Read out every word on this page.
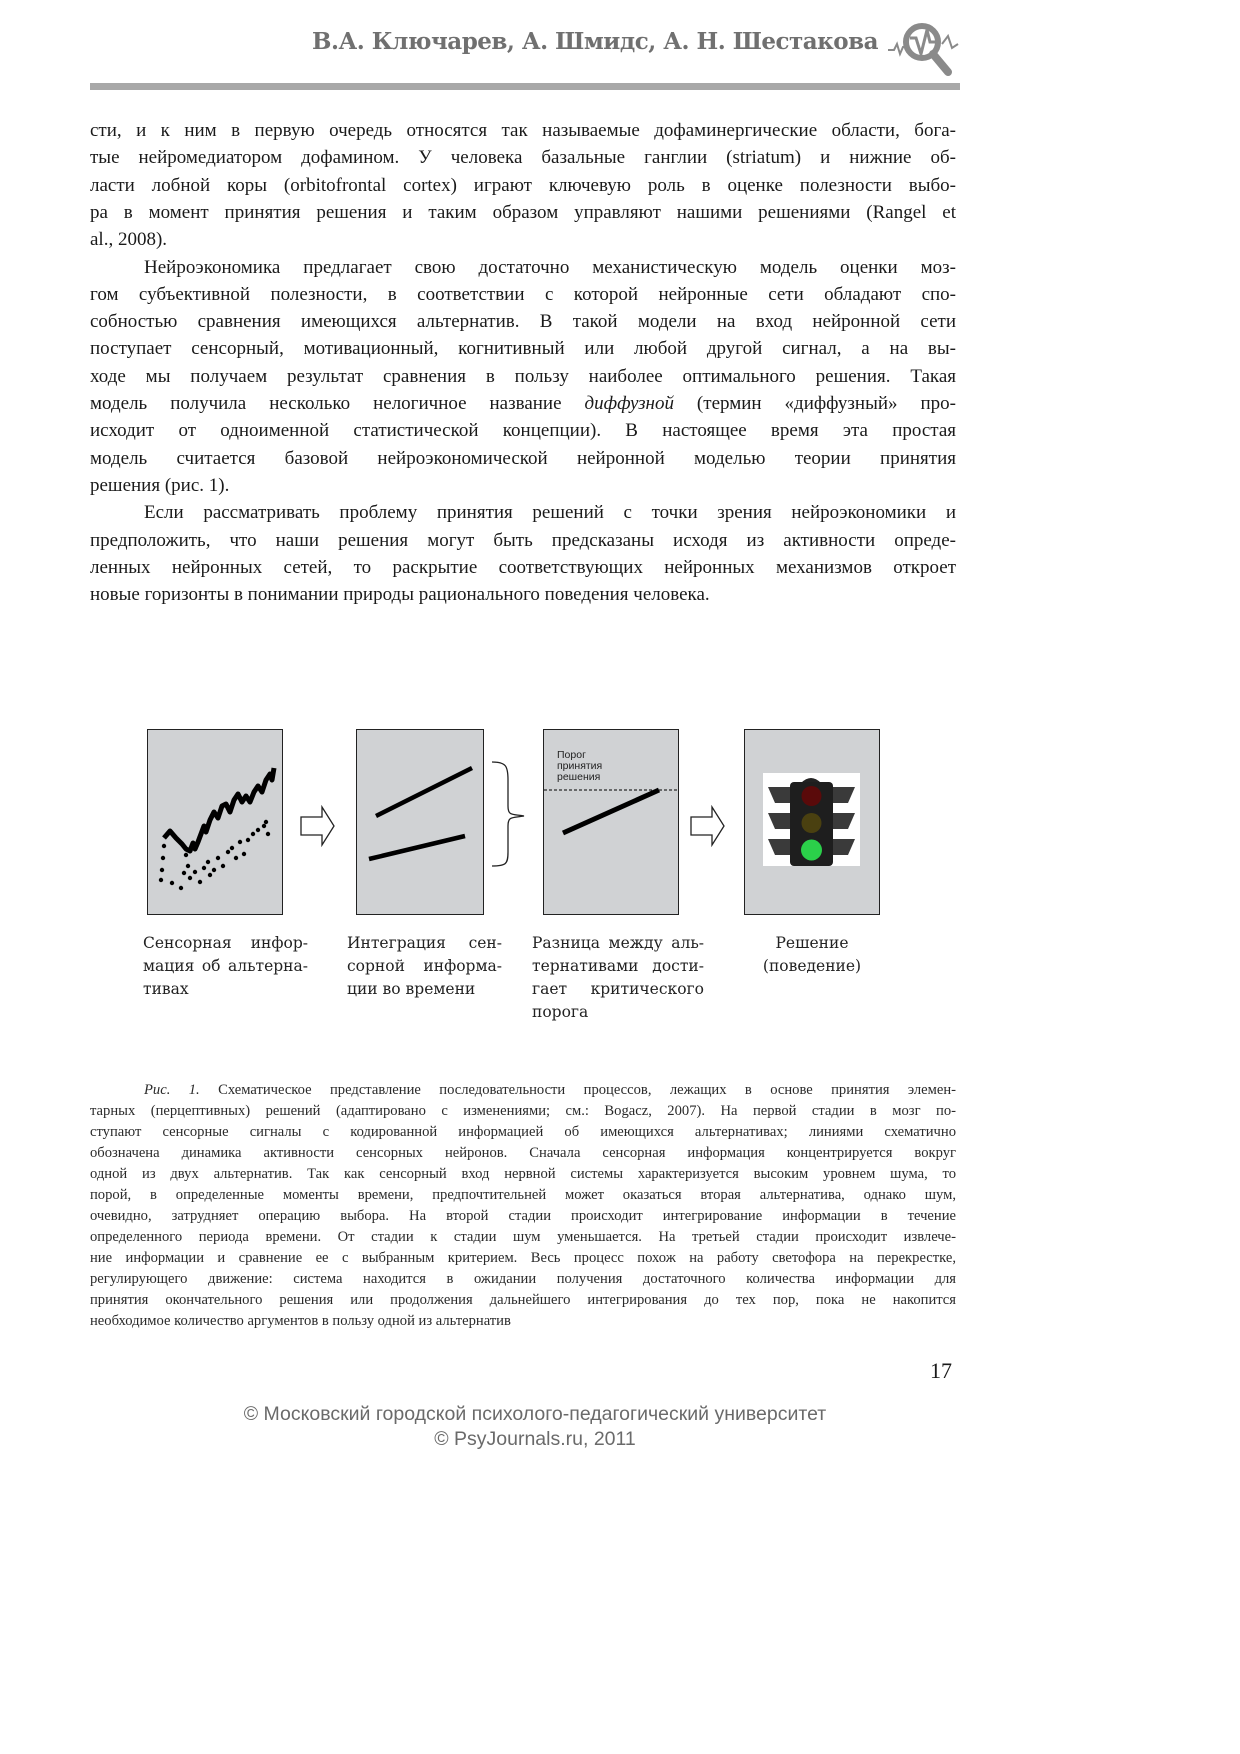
В.А. Ключарев, А. Шмидс, А. Н. Шестакова
сти, и к ним в первую очередь относятся так называемые дофаминергические области, бога-
тые нейромедиатором дофамином. У человека базальные ганглии (striatum) и нижние об-
ласти лобной коры (orbitofrontal cortex) играют ключевую роль в оценке полезности выбо-
ра в момент принятия решения и таким образом управляют нашими решениями (Rangel et
al., 2008).
Нейроэкономика предлагает свою достаточно механистическую модель оценки моз-
гом субъективной полезности, в соответствии с которой нейронные сети обладают спо-
собностью сравнения имеющихся альтернатив. В такой модели на вход нейронной сети
поступает сенсорный, мотивационный, когнитивный или любой другой сигнал, а на вы-
ходе мы получаем результат сравнения в пользу наиболее оптимального решения. Такая
модель получила несколько нелогичное название диффузной (термин «диффузный» про-
исходит от одноименной статистической концепции). В настоящее время эта простая
модель считается базовой нейроэкономической нейронной моделью теории принятия
решения (рис. 1).
Если рассматривать проблему принятия решений с точки зрения нейроэкономики и
предположить, что наши решения могут быть предсказаны исходя из активности опреде-
ленных нейронных сетей, то раскрытие соответствующих нейронных механизмов откроет
новые горизонты в понимании природы рационального поведения человека.
Порог
принятия
решения
Сенсорная инфор-
мация об альтерна-
тивах
Интеграция сен-
сорной информа-
ции во времени
Разница между аль-
тернативами дости-
гает критического
порога
Решение
(поведение)
Рис. 1. Схематическое представление последовательности процессов, лежащих в основе принятия элемен-
тарных (перцептивных) решений (адаптировано с изменениями; см.: Bogacz, 2007). На первой стадии в мозг по-
ступают сенсорные сигналы с кодированной информацией об имеющихся альтернативах; линиями схематично
обозначена динамика активности сенсорных нейронов. Сначала сенсорная информация концентрируется вокруг
одной из двух альтернатив. Так как сенсорный вход нервной системы характеризуется высоким уровнем шума, то
порой, в определенные моменты времени, предпочтительней может оказаться вторая альтернатива, однако шум,
очевидно, затрудняет операцию выбора. На второй стадии происходит интегрирование информации в течение
определенного периода времени. От стадии к стадии шум уменьшается. На третьей стадии происходит извлече-
ние информации и сравнение ее с выбранным критерием. Весь процесс похож на работу светофора на перекрестке,
регулирующего движение: система находится в ожидании получения достаточного количества информации для
принятия окончательного решения или продолжения дальнейшего интегрирования до тех пор, пока не накопится
необходимое количество аргументов в пользу одной из альтернатив
17
© Московский городской психолого-педагогический университет
© PsyJournals.ru, 2011
